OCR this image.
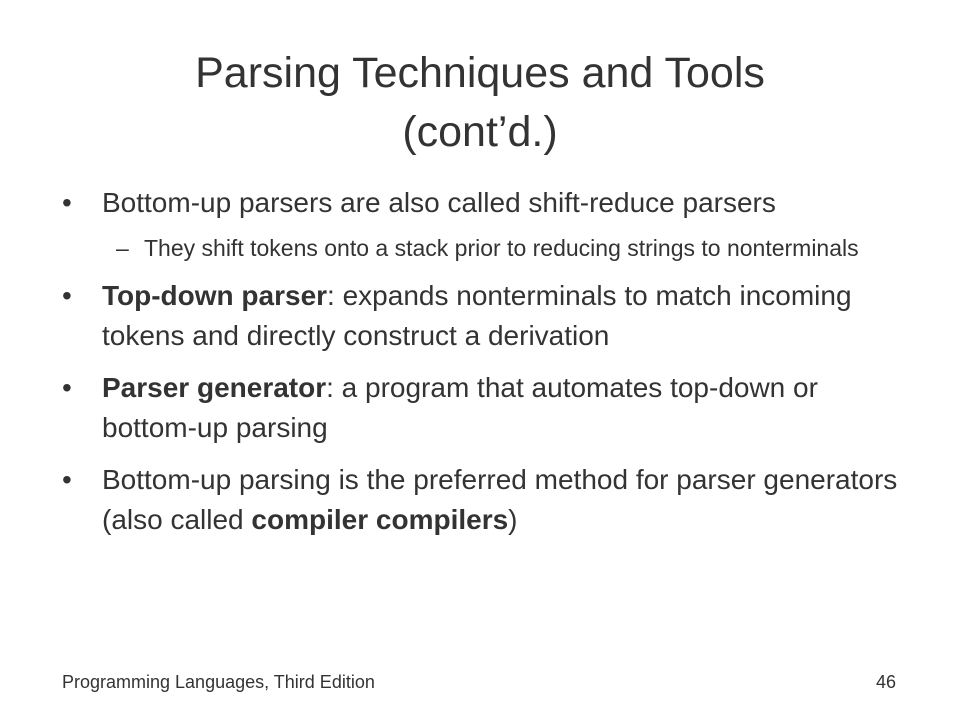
Parsing Techniques and Tools
(cont’d.)
•	Bottom-up parsers are also called shift-reduce parsers
– They shift tokens onto a stack prior to reducing strings to nonterminals
•	Top-down parser: expands nonterminals to match incoming tokens and directly construct a derivation
•	Parser generator: a program that automates top-down or bottom-up parsing
•	Bottom-up parsing is the preferred method for parser generators (also called compiler compilers)
Programming Languages, Third Edition	46
